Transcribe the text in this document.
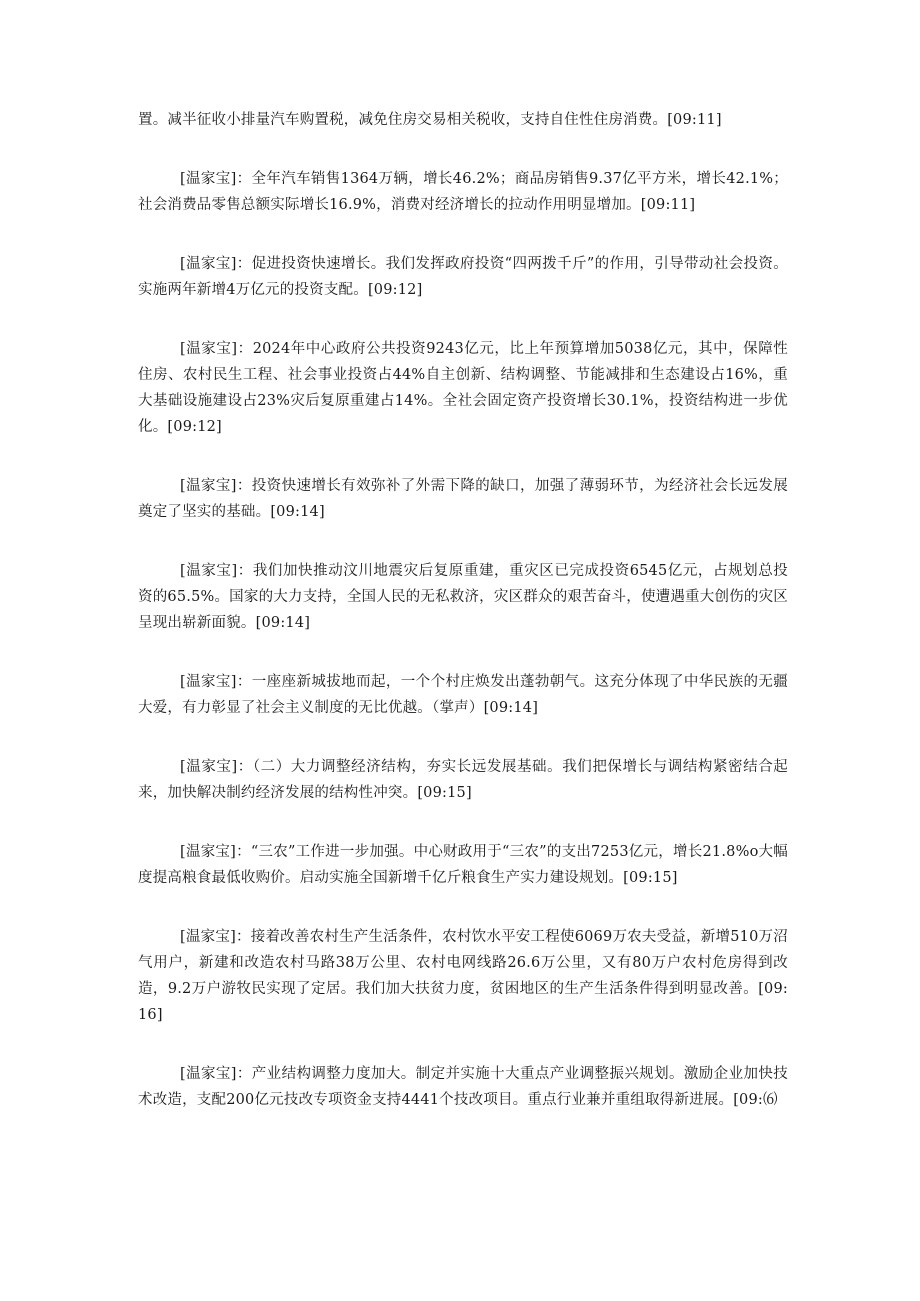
置。减半征收小排量汽车购置税，减免住房交易相关税收，支持自住性住房消费。[09:11]

[温家宝]：全年汽车销售1364万辆，增长46.2%；商品房销售9.37亿平方米，增长42.1%；社会消费品零售总额实际增长16.9%，消费对经济增长的拉动作用明显增加。[09:11]

[温家宝]：促进投资快速增长。我们发挥政府投资“四两拨千斤”的作用，引导带动社会投资。实施两年新增4万亿元的投资支配。[09:12]

[温家宝]：2024年中心政府公共投资9243亿元，比上年预算增加5038亿元，其中，保障性住房、农村民生工程、社会事业投资占44%自主创新、结构调整、节能减排和生态建设占16%，重大基础设施建设占23%灾后复原重建占14%。全社会固定资产投资增长30.1%，投资结构进一步优化。[09:12]

[温家宝]：投资快速增长有效弥补了外需下降的缺口，加强了薄弱环节，为经济社会长远发展奠定了坚实的基础。[09:14]

[温家宝]：我们加快推动汶川地震灾后复原重建，重灾区已完成投资6545亿元，占规划总投资的65.5%。国家的大力支持，全国人民的无私救济，灾区群众的艰苦奋斗，使遭遇重大创伤的灾区呈现出崭新面貌。[09:14]

[温家宝]：一座座新城拔地而起，一个个村庄焕发出蓬勃朝气。这充分体现了中华民族的无疆大爱，有力彰显了社会主义制度的无比优越。（掌声）[09:14]

[温家宝]：（二）大力调整经济结构，夯实长远发展基础。我们把保增长与调结构紧密结合起来，加快解决制约经济发展的结构性冲突。[09:15]

[温家宝]：“三农”工作进一步加强。中心财政用于“三农”的支出7253亿元，增长21.8%o大幅度提高粮食最低收购价。启动实施全国新增千亿斤粮食生产实力建设规划。[09:15]

[温家宝]：接着改善农村生产生活条件，农村饮水平安工程使6069万农夫受益，新增510万沼气用户，新建和改造农村马路38万公里、农村电网线路26.6万公里，又有80万户农村危房得到改造，9.2万户游牧民实现了定居。我们加大扶贫力度，贫困地区的生产生活条件得到明显改善。[09:16]

[温家宝]：产业结构调整力度加大。制定并实施十大重点产业调整振兴规划。激励企业加快技术改造，支配200亿元技改专项资金支持4441个技改项目。重点行业兼并重组取得新进展。[09:⑹
